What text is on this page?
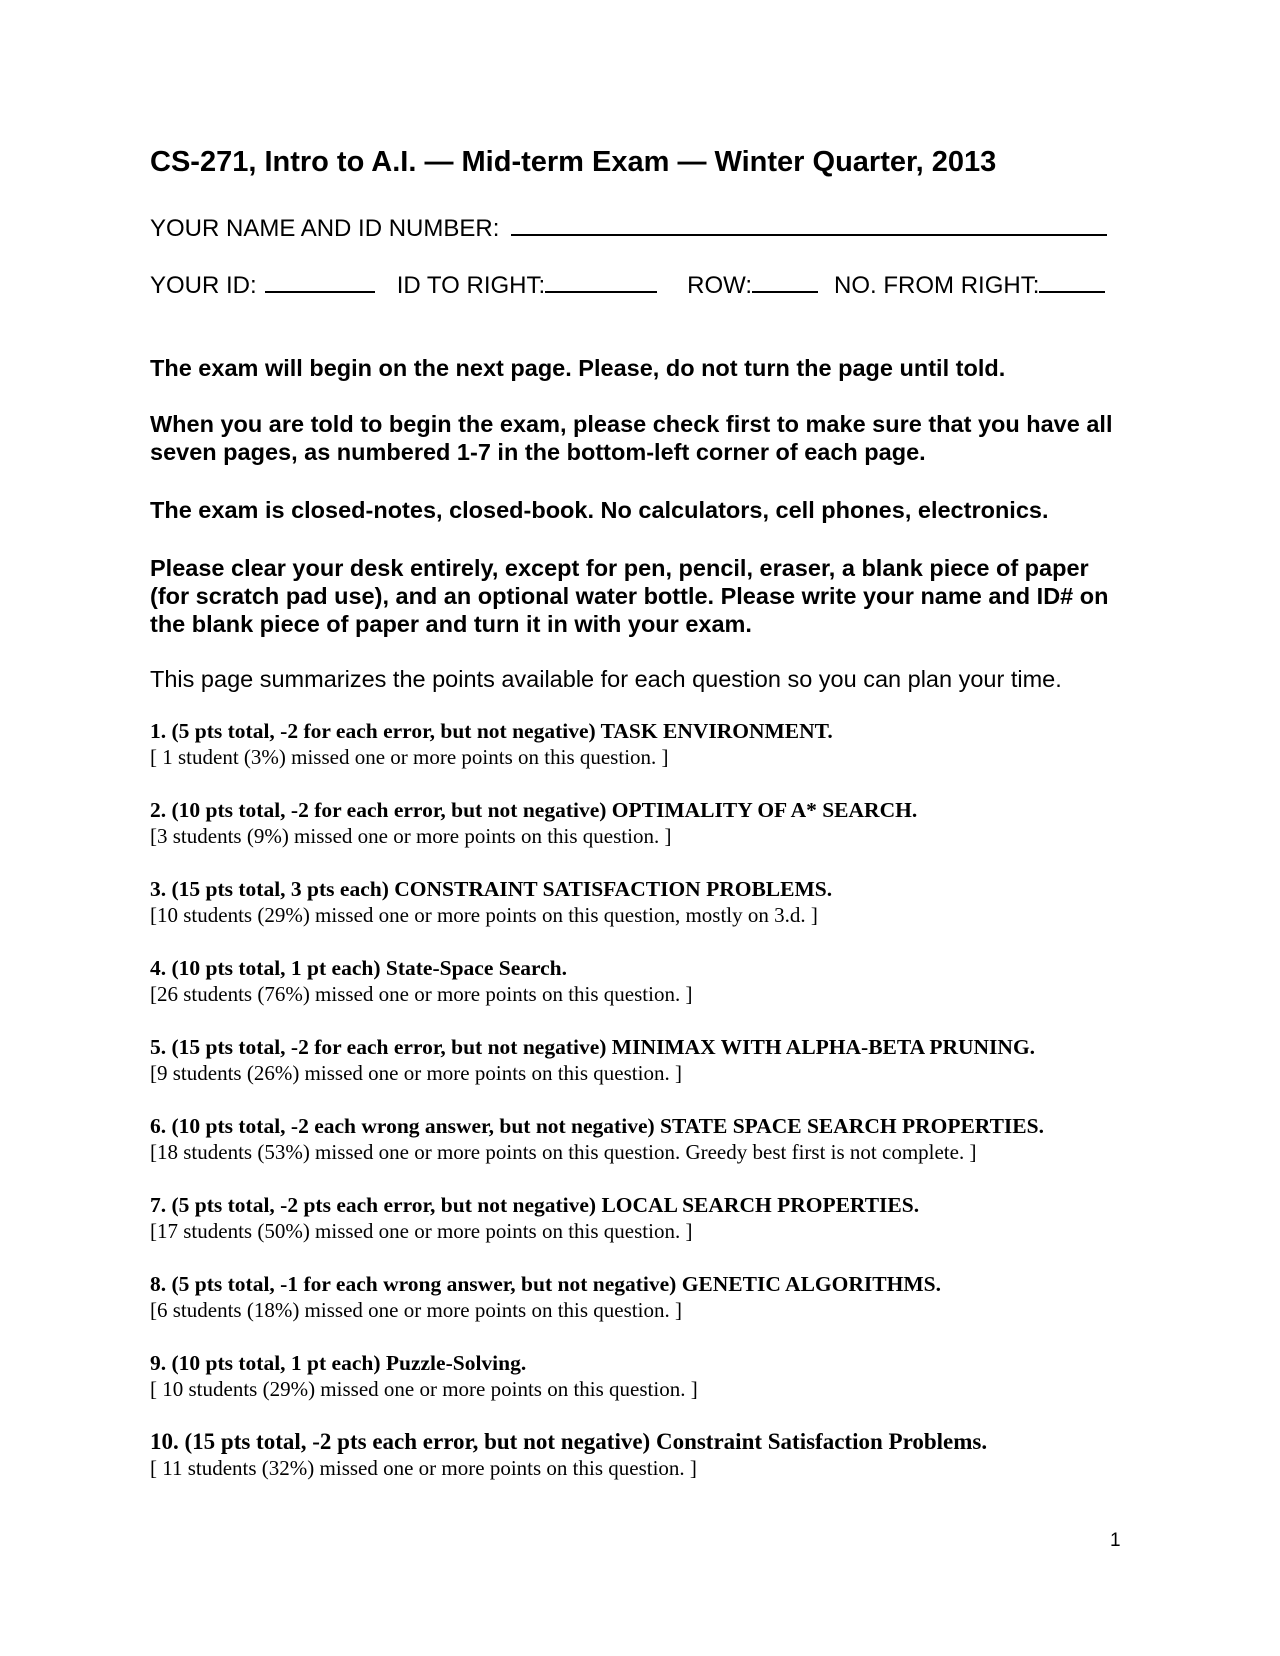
CS-271, Intro to A.I. — Mid-term Exam — Winter Quarter, 2013
YOUR NAME AND ID NUMBER:
YOUR ID:	ID TO RIGHT:	ROW:	NO. FROM RIGHT:

The exam will begin on the next page. Please, do not turn the page until told.

When you are told to begin the exam, please check first to make sure that you have all seven pages, as numbered 1-7 in the bottom-left corner of each page.

The exam is closed-notes, closed-book. No calculators, cell phones, electronics.

Please clear your desk entirely, except for pen, pencil, eraser, a blank piece of paper (for scratch pad use), and an optional water bottle. Please write your name and ID# on the blank piece of paper and turn it in with your exam.

This page summarizes the points available for each question so you can plan your time.

1. (5 pts total, -2 for each error, but not negative) TASK ENVIRONMENT.
[ 1 student (3%) missed one or more points on this question. ]
2. (10 pts total, -2 for each error, but not negative) OPTIMALITY OF A* SEARCH.
[3 students (9%) missed one or more points on this question. ]
3. (15 pts total, 3 pts each) CONSTRAINT SATISFACTION PROBLEMS.
[10 students (29%) missed one or more points on this question, mostly on 3.d. ]
4. (10 pts total, 1 pt each) State-Space Search.
[26 students (76%) missed one or more points on this question. ]
5. (15 pts total, -2 for each error, but not negative) MINIMAX WITH ALPHA-BETA PRUNING.
[9 students (26%) missed one or more points on this question. ]
6. (10 pts total, -2 each wrong answer, but not negative) STATE SPACE SEARCH PROPERTIES.
[18 students (53%) missed one or more points on this question. Greedy best first is not complete. ]
7. (5 pts total, -2 pts each error, but not negative) LOCAL SEARCH PROPERTIES.
[17 students (50%) missed one or more points on this question. ]
8. (5 pts total, -1 for each wrong answer, but not negative) GENETIC ALGORITHMS.
[6 students (18%) missed one or more points on this question. ]
9. (10 pts total, 1 pt each) Puzzle-Solving.
[ 10 students (29%) missed one or more points on this question. ]
10. (15 pts total, -2 pts each error, but not negative) Constraint Satisfaction Problems.
[ 11 students (32%) missed one or more points on this question. ]
1
